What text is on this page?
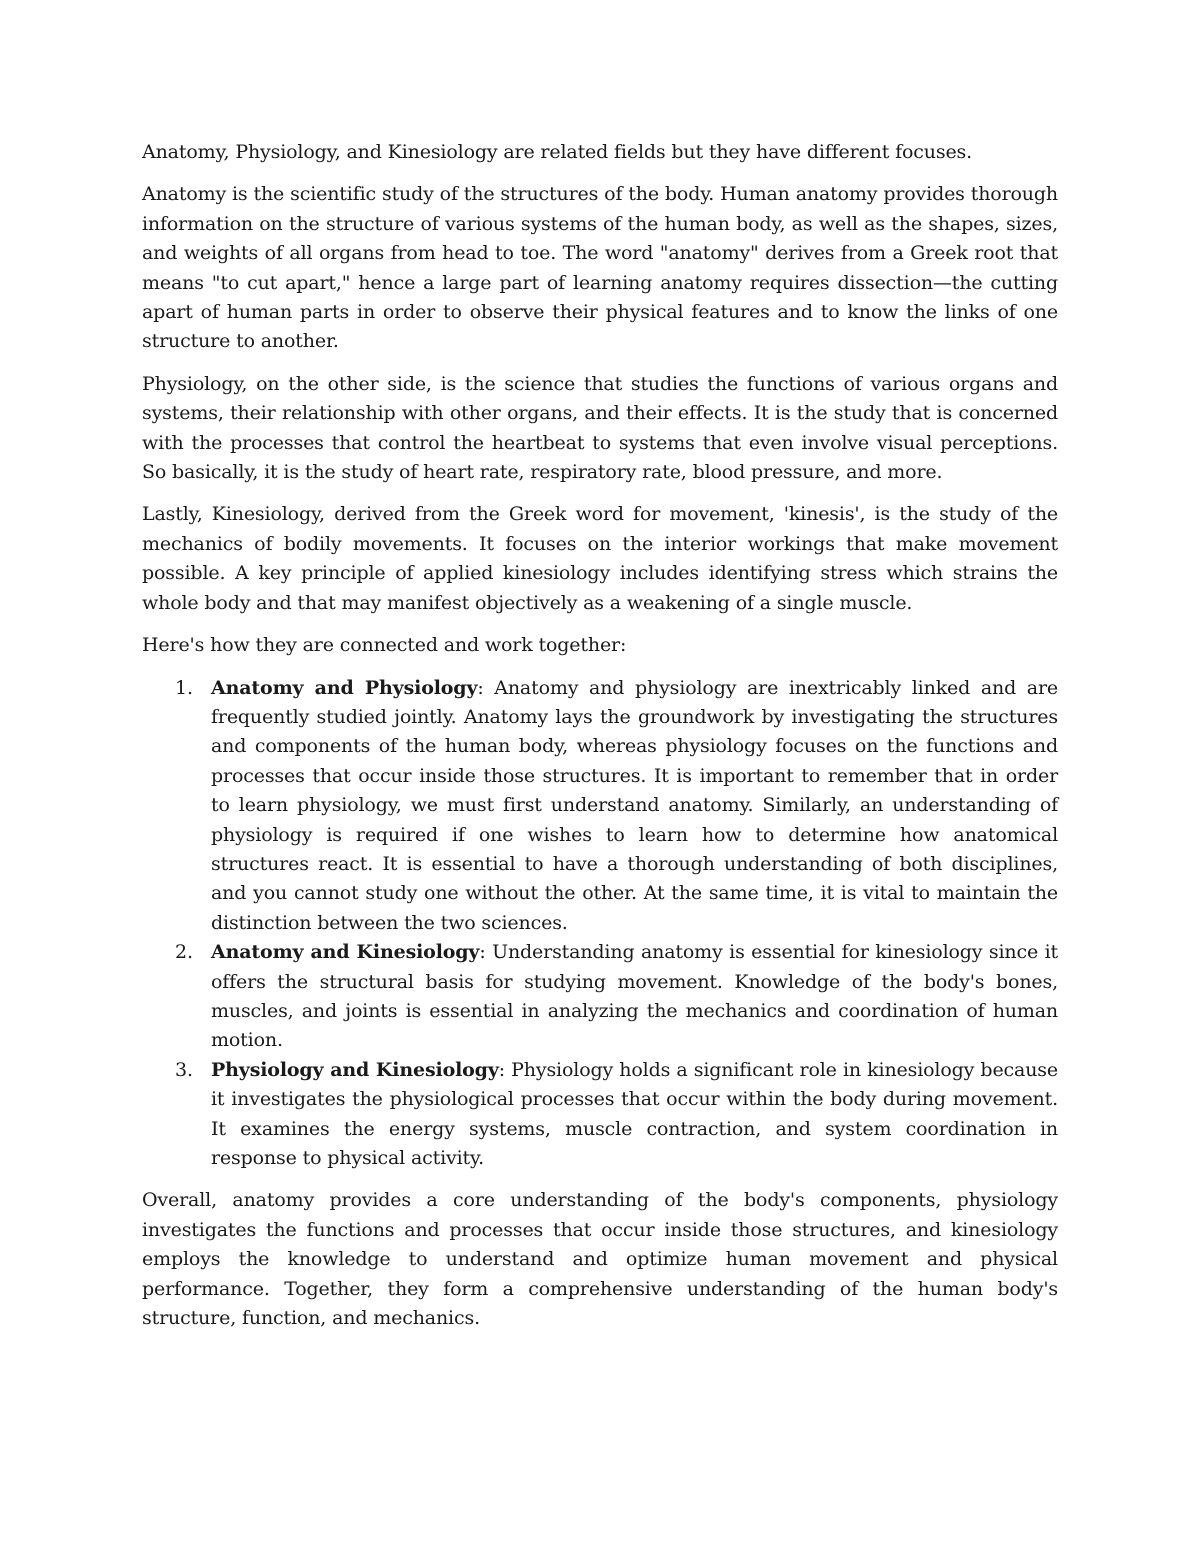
Anatomy, Physiology, and Kinesiology are related fields but they have different focuses.

Anatomy is the scientific study of the structures of the body. Human anatomy provides thorough information on the structure of various systems of the human body, as well as the shapes, sizes, and weights of all organs from head to toe. The word "anatomy" derives from a Greek root that means "to cut apart," hence a large part of learning anatomy requires dissection—the cutting apart of human parts in order to observe their physical features and to know the links of one structure to another.

Physiology, on the other side, is the science that studies the functions of various organs and systems, their relationship with other organs, and their effects. It is the study that is concerned with the processes that control the heartbeat to systems that even involve visual perceptions. So basically, it is the study of heart rate, respiratory rate, blood pressure, and more.

Lastly, Kinesiology, derived from the Greek word for movement, 'kinesis', is the study of the mechanics of bodily movements. It focuses on the interior workings that make movement possible. A key principle of applied kinesiology includes identifying stress which strains the whole body and that may manifest objectively as a weakening of a single muscle.

Here's how they are connected and work together:

1. Anatomy and Physiology: Anatomy and physiology are inextricably linked and are frequently studied jointly. Anatomy lays the groundwork by investigating the structures and components of the human body, whereas physiology focuses on the functions and processes that occur inside those structures. It is important to remember that in order to learn physiology, we must first understand anatomy. Similarly, an understanding of physiology is required if one wishes to learn how to determine how anatomical structures react. It is essential to have a thorough understanding of both disciplines, and you cannot study one without the other. At the same time, it is vital to maintain the distinction between the two sciences.
2. Anatomy and Kinesiology: Understanding anatomy is essential for kinesiology since it offers the structural basis for studying movement. Knowledge of the body's bones, muscles, and joints is essential in analyzing the mechanics and coordination of human motion.
3. Physiology and Kinesiology: Physiology holds a significant role in kinesiology because it investigates the physiological processes that occur within the body during movement. It examines the energy systems, muscle contraction, and system coordination in response to physical activity.

Overall, anatomy provides a core understanding of the body's components, physiology investigates the functions and processes that occur inside those structures, and kinesiology employs the knowledge to understand and optimize human movement and physical performance. Together, they form a comprehensive understanding of the human body's structure, function, and mechanics.
